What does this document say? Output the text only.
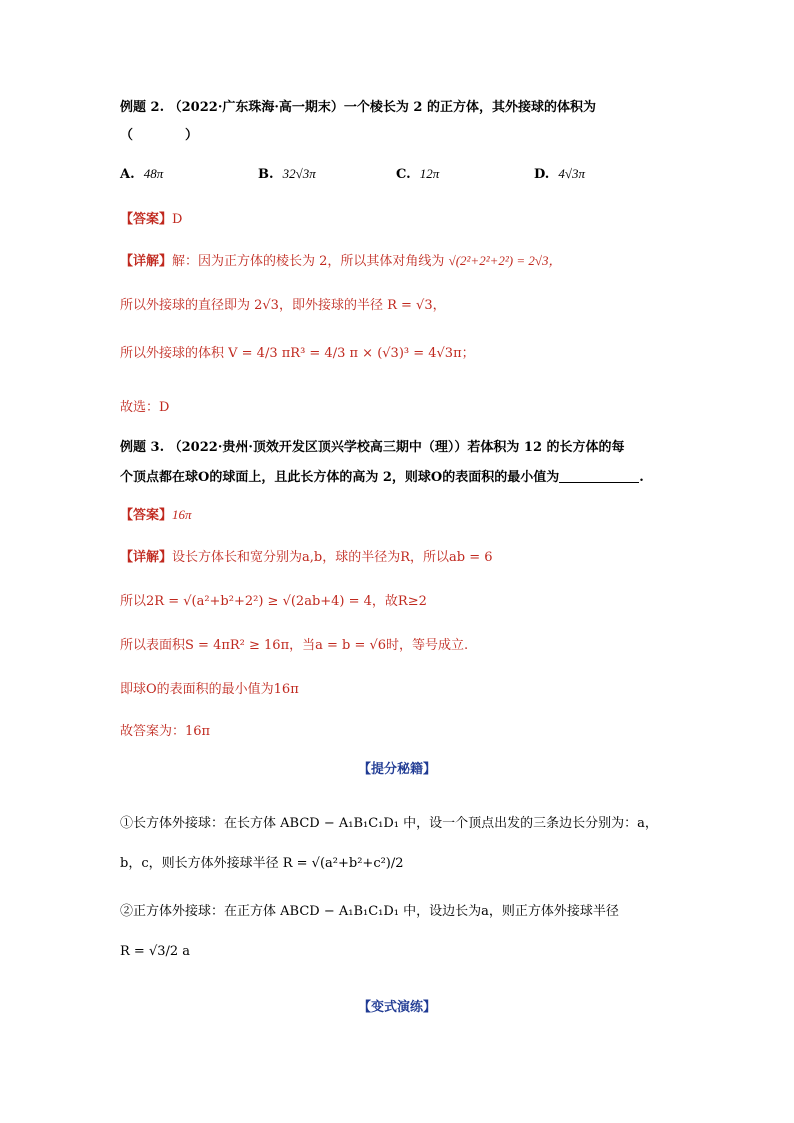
例题 2. （2022·广东珠海·高一期末）一个棱长为 2 的正方体，其外接球的体积为
（　　　　）
A. 48π	B. 32√3π	C. 12π	D. 4√3π
【答案】D
【详解】解：因为正方体的棱长为 2，所以其体对角线为 √(2²+2²+2²) = 2√3，
所以外接球的直径即为 2√3，即外接球的半径 R = √3，
所以外接球的体积 V = 4/3 πR³ = 4/3 π × (√3)³ = 4√3π；
故选：D
例题 3. （2022·贵州·顶效开发区顶兴学校高三期中（理））若体积为 12 的长方体的每
个顶点都在球O的球面上，且此长方体的高为 2，则球O的表面积的最小值为	.
【答案】16π
【详解】设长方体长和宽分别为a,b，球的半径为R，所以ab = 6
所以2R = √(a²+b²+2²) ≥ √(2ab+4) = 4，故R≥2
所以表面积S = 4πR² ≥ 16π，当a = b = √6时，等号成立.
即球O的表面积的最小值为16π
故答案为：16π
【提分秘籍】
①长方体外接球：在长方体 ABCD − A₁B₁C₁D₁ 中，设一个顶点出发的三条边长分别为：a，
b，c，则长方体外接球半径 R = √(a²+b²+c²)/2
②正方体外接球：在正方体 ABCD − A₁B₁C₁D₁ 中，设边长为a，则正方体外接球半径
R = √3/2 a
【变式演练】
